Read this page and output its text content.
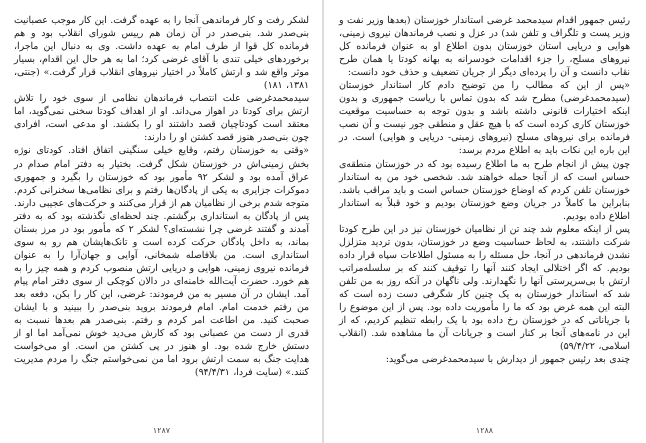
لشکر رفت و کار فرماندهی آنجا را به عهده گرفت. این کار موجب عصبانیت بنی‌صدر شد. بنی‌صدر در آن زمان هم رییس شورای انقلاب بود و هم فرمانده کل قوا از طرف امام به عهده داشت. وی به دنبال این ماجرا، برخوردهای خیلی تندی با آقای غرضی کرد؛ اما به هر حال این اقدام، بسیار موثر واقع شد و ارتش کاملاً در اختیار نیروهای انقلاب قرار گرفت.» (جنتی، ۱۳۸۱، ۱۸۱)

سیدمحمدغرضی علت انتصاب فرماندهان نظامی از سوی خود را تلاش ارتش برای کودتا در اهواز می‌داند. او از اهداف کودتا سخنی نمی‌گوید، اما معتقد است کودتاچیان قصد داشتند او را بکشند. او مدعی است، افرادی چون بنی‌صدر هنوز قصد کشتن او را دارند:

«وقتی به خوزستان رفتم، وقایع خیلی سنگینی اتفاق افتاد. کودتای نوژه بخش زمینی‌اش در خوزستان شکل گرفت. بختیار به دفتر امام صدام در عراق آمده بود و لشکر ۹۲ مأمور بود که خوزستان را بگیرد و جمهوری دموکرات جزایری به یکی از پادگان‌ها رفتم و برای نظامی‌ها سخنرانی کردم. متوجه شدم برخی از نظامیان هم از قرار می‌کنند و حرکت‌های عجیبی دارند. پس از پادگان به استانداری برگشتم. چند لحظه‌ای نگذشته بود که به دفتر آمدند و گفتند غرضی چرا نشسته‌ای؟ لشکر ۲ که مأمور بود در مرز بستان بماند، به داخل پادگان حرکت کرده است و تانک‌هایشان هم رو به سوی استانداری است. من بلافاصله شمخانی، آوایی و جهان‌آرا را به عنوان فرمانده نیروی زمینی، هوایی و دریایی ارتش منصوب کردم و همه چیز را به هم خورد. حضرت آیت‌الله خامنه‌ای در دالان کوچکی از سوی دفتر امام پیام آمد. ایشان در آن مسیر به من فرمودند: غرضی، این کار را بکن، دفعه بعد من رفتم خدمت امام. امام فرمودند بروید بنی‌صدر را ببینید و با ایشان صحبت کنید. من اطاعت امر کردم و رفتم. بنی‌صدر هم بعدها نسبت به قدری از دست من عصبانی بود که کارش می‌دید خوش نمی‌آمد اما او از دستش خارج شده بود. او هنوز در پی کشتن من است. او می‌خواست هدایت جنگ به سمت ارتش برود اما من نمی‌خواستم جنگ را مردم مدیریت کنند.» (سایت فردا، ۹۴/۴/۳۱)

۱۲۸۷

رئیس جمهور اقدام سیدمحمد غرضی استاندار خوزستان (بعدها وزیر نفت و وزیر پست و تلگراف و تلفن شد) در عزل و نصب فرماندهان نیروی زمینی، هوایی و دریایی استان خوزستان بدون اطلاع او به عنوان فرمانده کل نیروهای مسلح، را جزء اقدامات خودسرانه به بهانه کودتا یا همان طرح نقاب دانست و آن را پرده‌ای دیگر از جریان تضعیف و حذف خود دانست:

«پس از این که مطالب را من توضیح دادم کار استاندار خوزستان (سیدمحمدغرضی) مطرح شد که بدون تماس با ریاست جمهوری و بدون اینکه اختیارات قانونی داشته باشد و بدون توجه به حساسیت موقعیت خوزستان کاری کرده است که با هیچ عقل و منطقی جور نیست و آن نصب فرمانده برای نیروهای مسلح (نیروهای زمینی- دریایی و هوایی) است. در این باره این نکات باید به اطلاع مردم برسد:

چون پیش از انجام طرح به ما اطلاع رسیده بود که در خوزستان منطقه‌ی حساس است که از آنجا حمله خواهند شد. شخصی خود من به استاندار خوزستان تلفن کردم که اوضاع خوزستان حساس است و باید مراقب باشد. بنابراین ما کاملاً در جریان وضع خوزستان بودیم و خود قبلاً به استاندار اطلاع داده بودیم.

پس از اینکه معلوم شد چند تن از نظامیان خوزستان نیز در این طرح کودتا شرکت داشتند، به لحاظ حساسیت وضع در خوزستان، بدون تردید متزلزل نشدن فرماندهی در آنجا، حل مسئله را به مسئول اطلاعات سپاه قرار داده بودیم. که اگر اختلالی ایجاد کنند آنها را توقیف کنند که بر سلسله‌مراتب ارتش با بی‌سرپرستی آنها را نگهدارند. ولی ناگهان در آنکه روز به من تلفن شد که استاندار خوزستان به یک چنین کار شگرفی دست زده است که البته این همه غرض بود که ما را مأموریت داده بود. پس از این موضوع را با جریاناتی که در خوزستان رخ داده بود با یک رابطه تنظیم کردیم، که از این در نامه‌های آنجا بر کنار است و جریانات آن ما مشاهده شد. (انقلاب اسلامی، ۵۹/۴/۲۲)

چندی بعد رئیس جمهور از دیدارش با سیدمحمدغرضی می‌گوید:

۱۲۸۸
